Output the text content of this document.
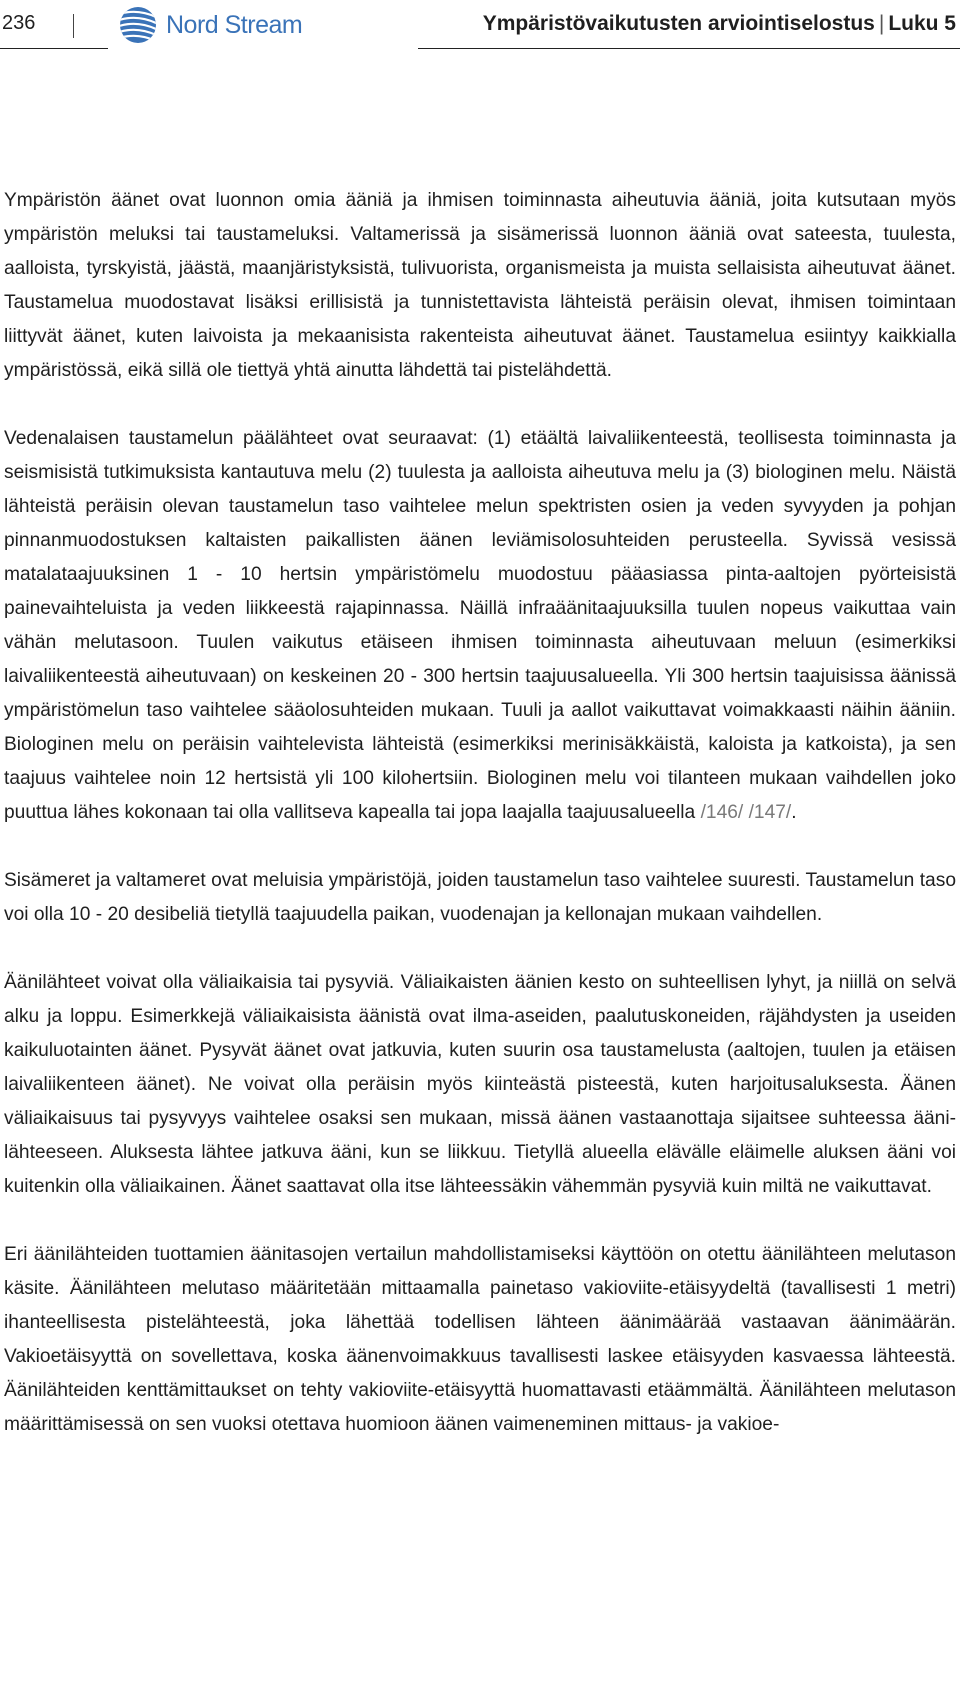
236	Nord Stream	Ympäristövaikutusten arviointiselostus | Luku 5

Ympäristön äänet ovat luonnon omia ääniä ja ihmisen toiminnasta aiheutuvia ääniä, joita kutsutaan myös ympäristön meluksi tai taustameluksi. Valtamerissä ja sisämerissä luonnon ääniä ovat sateesta, tuulesta, aalloista, tyrskyistä, jäästä, maanjäristyksistä, tulivuorista, organismeista ja muista sellaisista aiheutuvat äänet. Taustamelua muodostavat lisäksi erillisistä ja tunnistettavista lähteistä peräisin olevat, ihmisen toimintaan liittyvät äänet, kuten laivoista ja mekaanisista rakenteista aiheutuvat äänet. Taustamelua esiintyy kaikkialla ympäristössä, eikä sillä ole tiettyä yhtä ainutta lähdettä tai pistelähdettä.

Vedenalaisen taustamelun päälähteet ovat seuraavat: (1) etäältä laivaliikenteestä, teollisesta toiminnasta ja seismisistä tutkimuksista kantautuva melu (2) tuulesta ja aalloista aiheutuva melu ja (3) biologinen melu. Näistä lähteistä peräisin olevan taustamelun taso vaihtelee melun spektristen osien ja veden syvyyden ja pohjan pinnanmuodostuksen kaltaisten paikallisten äänen leviämisolosuhteiden perusteella. Syvissä vesissä matalataajuuksinen 1 - 10 hertsin ympäristömelu muodostuu pääasiassa pinta-aaltojen pyörteisistä painevaihteluista ja veden liikkeestä rajapinnassa. Näillä infraäänitaajuuksilla tuulen nopeus vaikuttaa vain vähän melutasoon. Tuulen vaikutus etäiseen ihmisen toiminnasta aiheutuvaan meluun (esimerkiksi laivaliikenteestä aiheutuvaan) on keskeinen 20 - 300 hertsin taajuusalueella. Yli 300 hertsin taajuisissa äänissä ympäristömelun taso vaihtelee sääolosuhteiden mukaan. Tuuli ja aallot vaikuttavat voimakkaasti näihin ääniin. Biologinen melu on peräisin vaihtelevista lähteistä (esimerkiksi merinisäkkäistä, kaloista ja katkoista), ja sen taajuus vaihtelee noin 12 hertsistä yli 100 kilohertsiin. Biologinen melu voi tilanteen mukaan vaihdellen joko puuttua lähes kokonaan tai olla vallitseva kapealla tai jopa laajalla taajuusalueella /146/ /147/.

Sisämeret ja valtameret ovat meluisia ympäristöjä, joiden taustamelun taso vaihtelee suuresti. Taustamelun taso voi olla 10 - 20 desibeliä tietyllä taajuudella paikan, vuodenajan ja kellonajan mukaan vaihdellen.

Äänilähteet voivat olla väliaikaisia tai pysyviä. Väliaikaisten äänien kesto on suhteellisen lyhyt, ja niillä on selvä alku ja loppu. Esimerkkejä väliaikaisista äänistä ovat ilma-aseiden, paalutuskoneiden, räjähdysten ja useiden kaikuluotainten äänet. Pysyvät äänet ovat jatkuvia, kuten suurin osa taustamelusta (aaltojen, tuulen ja etäisen laivaliikenteen äänet). Ne voivat olla peräisin myös kiinteästä pisteestä, kuten harjoitusaluksesta. Äänen väliaikaisuus tai pysyvyys vaihtelee osaksi sen mukaan, missä äänen vastaanottaja sijaitsee suhteessa äänilähteeseen. Aluksesta lähtee jatkuva ääni, kun se liikkuu. Tietyllä alueella elävälle eläimelle aluksen ääni voi kuitenkin olla väliaikainen. Äänet saattavat olla itse lähteessäkin vähemmän pysyviä kuin miltä ne vaikuttavat.

Eri äänilähteiden tuottamien äänitasojen vertailun mahdollistamiseksi käyttöön on otettu äänilähteen melutason käsite. Äänilähteen melutaso määritetään mittaamalla painetaso vakioviite-etäisyydeltä (tavallisesti 1 metri) ihanteellisesta pistelähteestä, joka lähettää todellisen lähteen äänimäärää vastaavan äänimäärän. Vakioetäisyyttä on sovellettava, koska äänenvoimakkuus tavallisesti laskee etäisyyden kasvaessa lähteestä. Äänilähteiden kenttämittaukset on tehty vakioviite-etäisyyttä huomattavasti etäämmältä. Äänilähteen melutason määrittämisessä on sen vuoksi otettava huomioon äänen vaimeneminen mittaus- ja vakioe-
